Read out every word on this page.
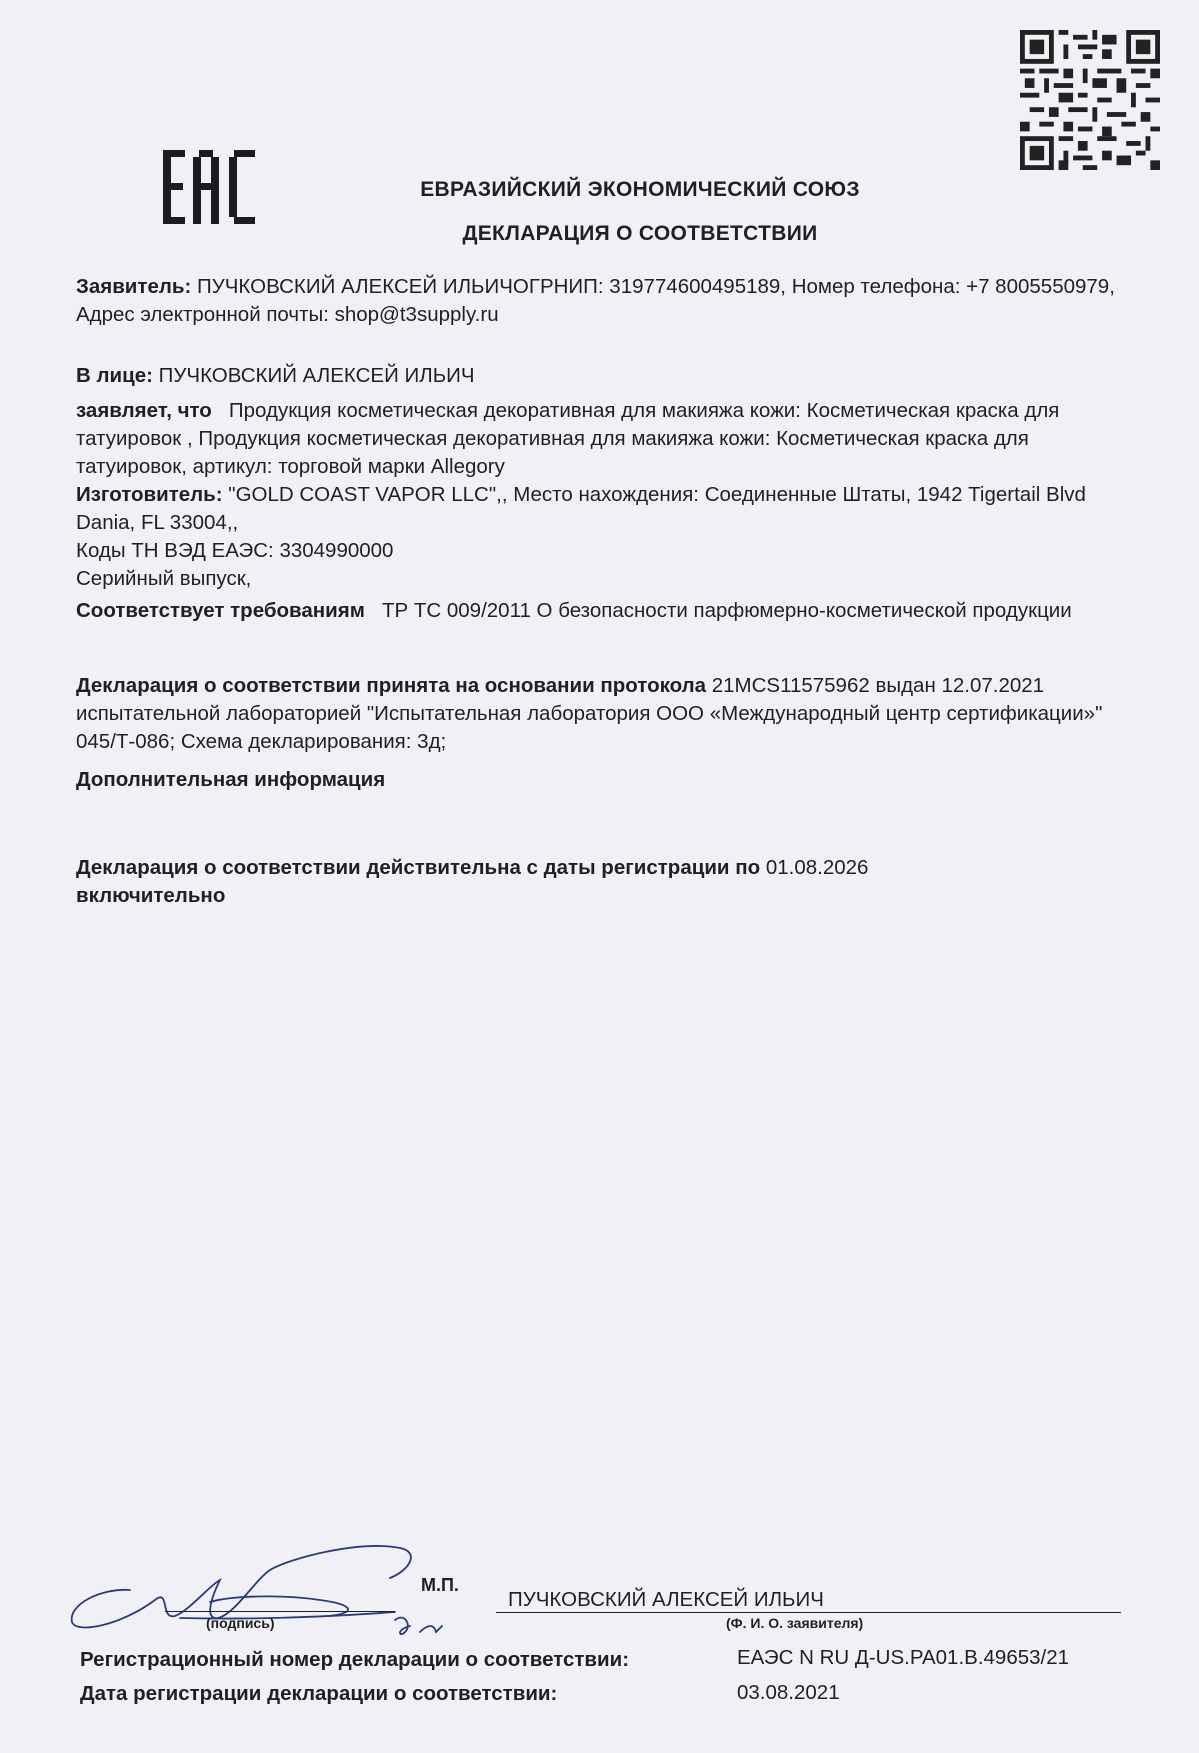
ЕВРАЗИЙСКИЙ ЭКОНОМИЧЕСКИЙ СОЮЗ
ДЕКЛАРАЦИЯ О СООТВЕТСТВИИ

Заявитель: ПУЧКОВСКИЙ АЛЕКСЕЙ ИЛЬИЧОГРНИП: 319774600495189, Номер телефона: +7 8005550979, Адрес электронной почты: shop@t3supply.ru

В лице: ПУЧКОВСКИЙ АЛЕКСЕЙ ИЛЬИЧ

заявляет, что Продукция косметическая декоративная для макияжа кожи: Косметическая краска для татуировок , Продукция косметическая декоративная для макияжа кожи: Косметическая краска для татуировок, артикул: торговой марки Allegory

Изготовитель: "GOLD COAST VAPOR LLC",, Место нахождения: Соединенные Штаты, 1942 Tigertail Blvd Dania, FL 33004,,

Коды ТН ВЭД ЕАЭС: 3304990000

Серийный выпуск,

Соответствует требованиям ТР ТС 009/2011 О безопасности парфюмерно-косметической продукции

Декларация о соответствии принята на основании протокола 21MCS11575962 выдан 12.07.2021 испытательной лабораторией "Испытательная лаборатория ООО «Международный центр сертификации»" 045/Т-086; Схема декларирования: 3д;

Дополнительная информация

Декларация о соответствии действительна с даты регистрации по 01.08.2026

включительно

М.П.
(подпись)
ПУЧКОВСКИЙ АЛЕКСЕЙ ИЛЬИЧ
(Ф. И. О. заявителя)
Регистрационный номер декларации о соответствии:	ЕАЭС N RU Д-US.PA01.B.49653/21
Дата регистрации декларации о соответствии:	03.08.2021
